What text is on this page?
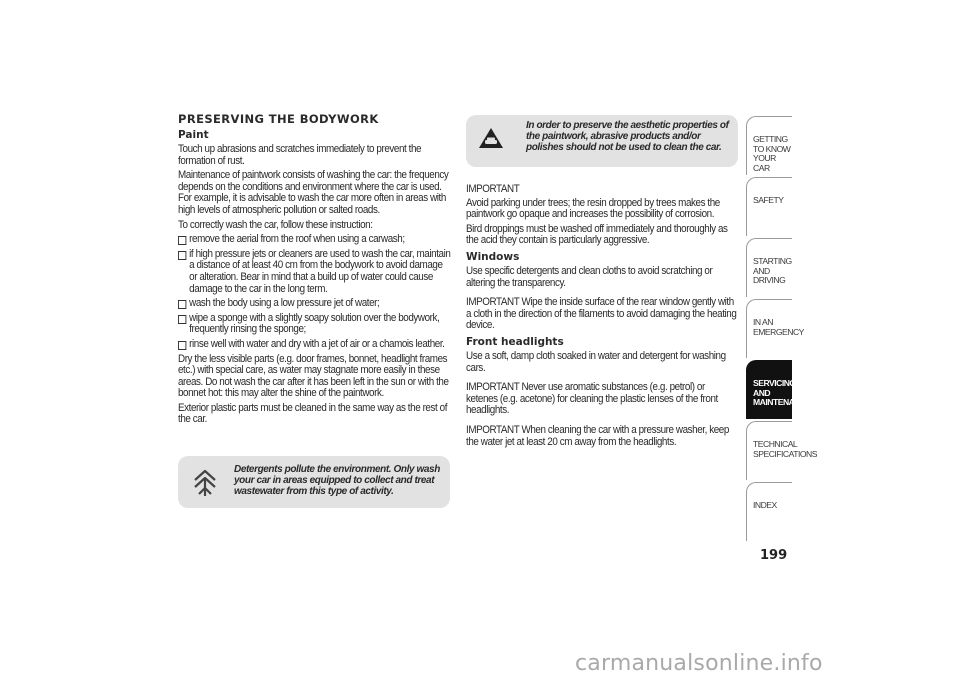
PRESERVING THE BODYWORK
Paint

Touch up abrasions and scratches immediately to prevent the formation of rust.

Maintenance of paintwork consists of washing the car: the frequency depends on the conditions and environment where the car is used. For example, it is advisable to wash the car more often in areas with high levels of atmospheric pollution or salted roads.

To correctly wash the car, follow these instruction:

remove the aerial from the roof when using a carwash;
if high pressure jets or cleaners are used to wash the car, maintain a distance of at least 40 cm from the bodywork to avoid damage or alteration. Bear in mind that a build up of water could cause damage to the car in the long term.
wash the body using a low pressure jet of water;
wipe a sponge with a slightly soapy solution over the bodywork, frequently rinsing the sponge;
rinse well with water and dry with a jet of air or a chamois leather.

Dry the less visible parts (e.g. door frames, bonnet, headlight frames etc.) with special care, as water may stagnate more easily in these areas. Do not wash the car after it has been left in the sun or with the bonnet hot: this may alter the shine of the paintwork.

Exterior plastic parts must be cleaned in the same way as the rest of the car.

Detergents pollute the environment. Only wash your car in areas equipped to collect and treat wastewater from this type of activity.
In order to preserve the aesthetic properties of the paintwork, abrasive products and/or polishes should not be used to clean the car.

IMPORTANT

Avoid parking under trees; the resin dropped by trees makes the paintwork go opaque and increases the possibility of corrosion.

Bird droppings must be washed off immediately and thoroughly as the acid they contain is particularly aggressive.

Windows

Use specific detergents and clean cloths to avoid scratching or altering the transparency.

IMPORTANT Wipe the inside surface of the rear window gently with a cloth in the direction of the filaments to avoid damaging the heating device.

Front headlights

Use a soft, damp cloth soaked in water and detergent for washing cars.

IMPORTANT Never use aromatic substances (e.g. petrol) or ketenes (e.g. acetone) for cleaning the plastic lenses of the front headlights.

IMPORTANT When cleaning the car with a pressure washer, keep the water jet at least 20 cm away from the headlights.

GETTING TO KNOW YOUR CAR
SAFETY
STARTING AND DRIVING
IN AN EMERGENCY
SERVICING AND MAINTENANCE
TECHNICAL SPECIFICATIONS
INDEX
199
carmanualsonline.info
